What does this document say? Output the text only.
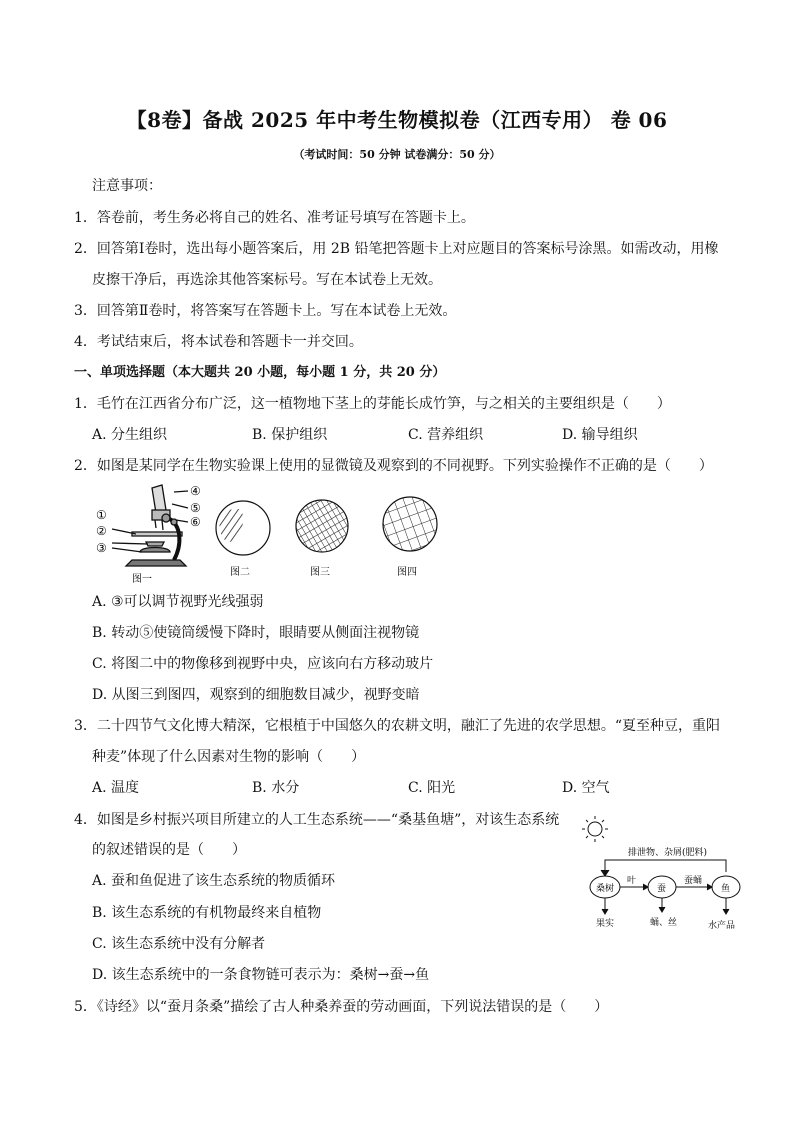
【8卷】备战 2025 年中考生物模拟卷（江西专用） 卷 06
（考试时间：50 分钟 试卷满分：50 分）
注意事项：
1．答卷前，考生务必将自己的姓名、准考证号填写在答题卡上。
2．回答第Ⅰ卷时，选出每小题答案后，用 2B 铅笔把答题卡上对应题目的答案标号涂黑。如需改动，用橡
皮擦干净后，再选涂其他答案标号。写在本试卷上无效。
3．回答第Ⅱ卷时，将答案写在答题卡上。写在本试卷上无效。
4．考试结束后，将本试卷和答题卡一并交回。
一、单项选择题（本大题共 20 小题，每小题 1 分，共 20 分）
1．毛竹在江西省分布广泛，这一植物地下茎上的芽能长成竹笋，与之相关的主要组织是（　　）
A. 分生组织	B. 保护组织	C. 营养组织	D. 输导组织
2．如图是某同学在生物实验课上使用的显微镜及观察到的不同视野。下列实验操作不正确的是（　　）
④
⑤
⑥
①
②
③
图一
图二	图三	图四
A. ③可以调节视野光线强弱
B. 转动⑤使镜筒缓慢下降时，眼睛要从侧面注视物镜
C. 将图二中的物像移到视野中央，应该向右方移动玻片
D. 从图三到图四，观察到的细胞数目减少，视野变暗
3．二十四节气文化博大精深，它根植于中国悠久的农耕文明，融汇了先进的农学思想。“夏至种豆，重阳
种麦”体现了什么因素对生物的影响（　　）
A. 温度	B. 水分	C. 阳光	D. 空气
4．如图是乡村振兴项目所建立的人工生态系统——“桑基鱼塘”，对该生态系统
的叙述错误的是（　　）
A. 蚕和鱼促进了该生态系统的物质循环
B. 该生态系统的有机物最终来自植物
C. 该生态系统中没有分解者
D. 该生态系统中的一条食物链可表示为：桑树→蚕→鱼
排泄物、杂屑(肥料)
桑树	蚕	鱼
叶	蚕蛹
果实	蛹、丝	水产品
5．《诗经》以“蚕月条桑”描绘了古人种桑养蚕的劳动画面，下列说法错误的是（　　）
